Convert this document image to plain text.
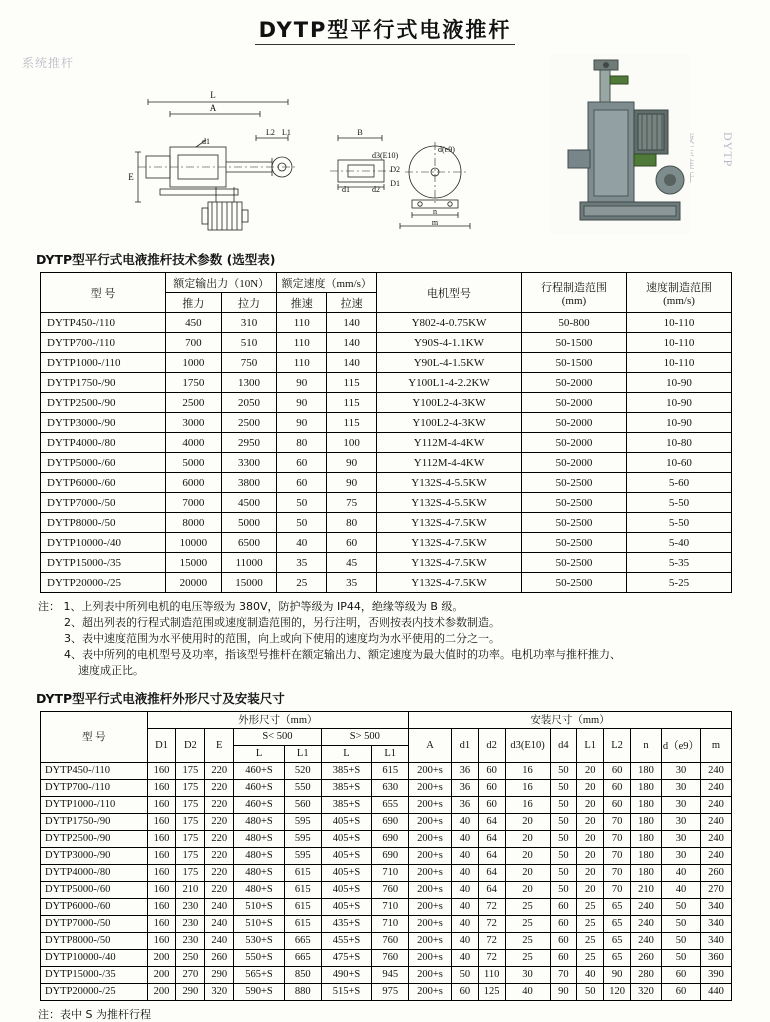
DYTP型平行式电液推杆
系统推杆
DYTP
L
A
E
d1
L2 L1	B
d3(E10)
d1	d2
d(e9)
n
m
D2
D1
DYTP型平行式电液推杆技术参数 (选型表)
型 号	额定输出力（10N）	额定速度（mm/s）	电机型号	行程制造范围
(mm)

速度制造范围
(mm/s)

	推力	拉力	推速	拉速			
DYTP450-/110	450	310	110	140	Y802-4-0.75KW	50-800	10-110
DYTP700-/110	700	510	110	140	Y90S-4-1.1KW	50-1500	10-110
DYTP1000-/110	1000	750	110	140	Y90L-4-1.5KW	50-1500	10-110
DYTP1750-/90	1750	1300	90	115	Y100L1-4-2.2KW	50-2000	10-90
DYTP2500-/90	2500	2050	90	115	Y100L2-4-3KW	50-2000	10-90
DYTP3000-/90	3000	2500	90	115	Y100L2-4-3KW	50-2000	10-90
DYTP4000-/80	4000	2950	80	100	Y112M-4-4KW	50-2000	10-80
DYTP5000-/60	5000	3300	60	90	Y112M-4-4KW	50-2000	10-60
DYTP6000-/60	6000	3800	60	90	Y132S-4-5.5KW	50-2500	5-60
DYTP7000-/50	7000	4500	50	75	Y132S-4-5.5KW	50-2500	5-50
DYTP8000-/50	8000	5000	50	80	Y132S-4-7.5KW	50-2500	5-50
DYTP10000-/40	10000	6500	40	60	Y132S-4-7.5KW	50-2500	5-40
DYTP15000-/35	15000	11000	35	45	Y132S-4-7.5KW	50-2500	5-35
DYTP20000-/25	20000	15000	25	35	Y132S-4-7.5KW	50-2500	5-25
注： 1、上列表中所列电机的电压等级为 380V，防护等级为 IP44，绝缘等级为 B 级。
2、超出列表的行程式制造范围或速度制造范围的，另行注明，否则按表内技术参数制造。
3、表中速度范围为水平使用时的范围，向上或向下使用的速度均为水平使用的二分之一。
4、表中所列的电机型号及功率，指该型号推杆在额定输出力、额定速度为最大值时的功率。电机功率与推杆推力、
速度成正比。
DYTP型平行式电液推杆外形尺寸及安装尺寸
型 号	外形尺寸（mm）							安装尺寸（mm）									
	D1	D2	E	S< 500		S> 500		A	d1	d2	d3(E10)	d4	L1	L2	n	d（e9）	m
				L	L1	L	L1										
DYTP450-/110	160	175	220	460+S	520	385+S	615	200+s	36	60	16	50	20	60	180	30	240
DYTP700-/110	160	175	220	460+S	550	385+S	630	200+s	36	60	16	50	20	60	180	30	240
DYTP1000-/110	160	175	220	460+S	560	385+S	655	200+s	36	60	16	50	20	60	180	30	240
DYTP1750-/90	160	175	220	480+S	595	405+S	690	200+s	40	64	20	50	20	70	180	30	240
DYTP2500-/90	160	175	220	480+S	595	405+S	690	200+s	40	64	20	50	20	70	180	30	240
DYTP3000-/90	160	175	220	480+S	595	405+S	690	200+s	40	64	20	50	20	70	180	30	240
DYTP4000-/80	160	175	220	480+S	615	405+S	710	200+s	40	64	20	50	20	70	180	40	260
DYTP5000-/60	160	210	220	480+S	615	405+S	760	200+s	40	64	20	50	20	70	210	40	270
DYTP6000-/60	160	230	240	510+S	615	405+S	710	200+s	40	72	25	60	25	65	240	50	340
DYTP7000-/50	160	230	240	510+S	615	435+S	710	200+s	40	72	25	60	25	65	240	50	340
DYTP8000-/50	160	230	240	530+S	665	455+S	760	200+s	40	72	25	60	25	65	240	50	340
DYTP10000-/40	200	250	260	550+S	665	475+S	760	200+s	40	72	25	60	25	65	260	50	360
DYTP15000-/35	200	270	290	565+S	850	490+S	945	200+s	50	110	30	70	40	90	280	60	390
DYTP20000-/25	200	290	320	590+S	880	515+S	975	200+s	60	125	40	90	50	120	320	60	440
注：表中 S 为推杆行程
